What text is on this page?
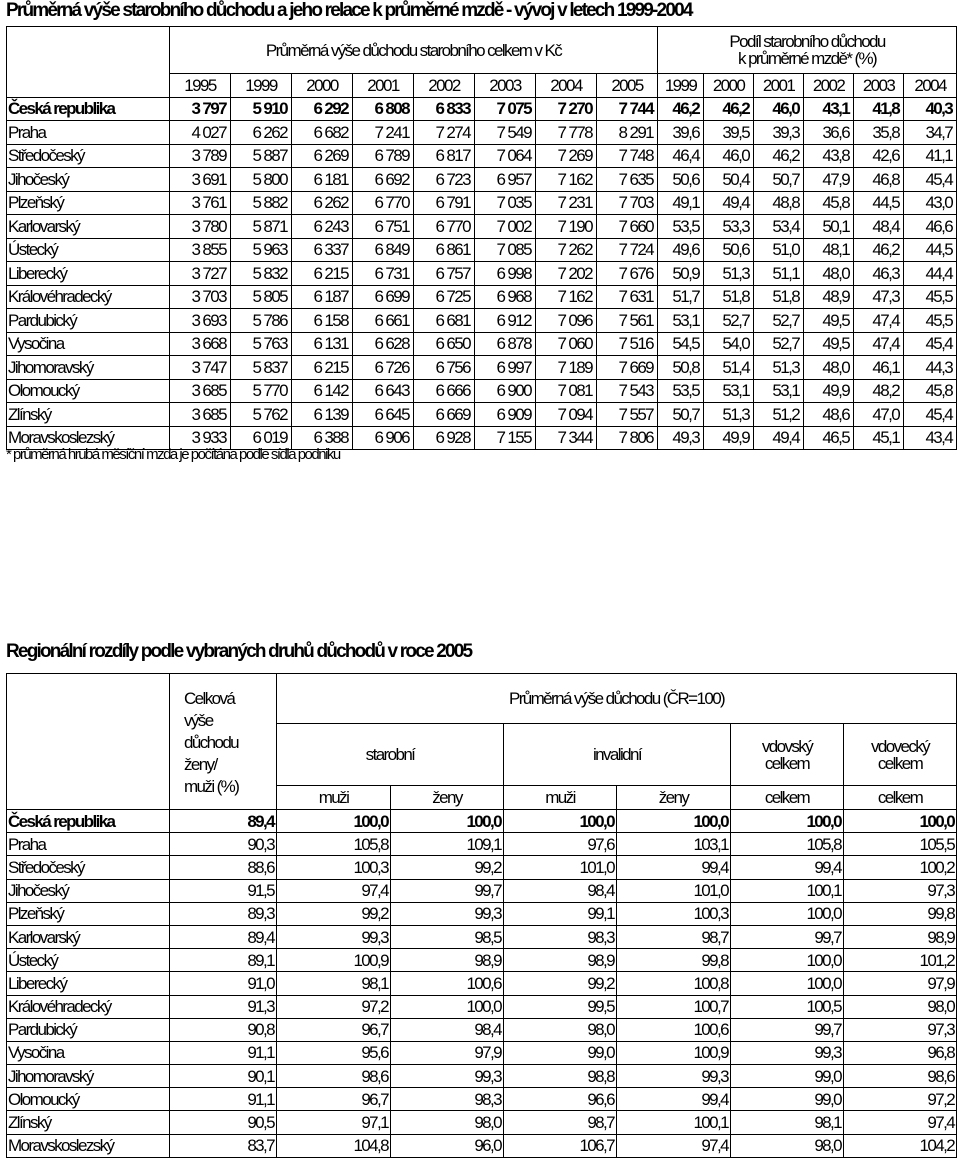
Průměrná výše starobního důchodu a jeho relace k průměrné mzdě - vývoj v letech 1999-2004
	Průměrná výše důchodu starobního celkem v Kč								Podíl starobního důchodu
k průměrné mzdě* (%)					

	1995	1999	2000	2001	2002	2003	2004	2005	1999	2000	2001	2002	2003	2004
Česká republika	3 797	5 910	6 292	6 808	6 833	7 075	7 270	7 744	46,2	46,2	46,0	43,1	41,8	40,3
Praha	4 027	6 262	6 682	7 241	7 274	7 549	7 778	8 291	39,6	39,5	39,3	36,6	35,8	34,7
Středočeský	3 789	5 887	6 269	6 789	6 817	7 064	7 269	7 748	46,4	46,0	46,2	43,8	42,6	41,1
Jihočeský	3 691	5 800	6 181	6 692	6 723	6 957	7 162	7 635	50,6	50,4	50,7	47,9	46,8	45,4
Plzeňský	3 761	5 882	6 262	6 770	6 791	7 035	7 231	7 703	49,1	49,4	48,8	45,8	44,5	43,0
Karlovarský	3 780	5 871	6 243	6 751	6 770	7 002	7 190	7 660	53,5	53,3	53,4	50,1	48,4	46,6
Ústecký	3 855	5 963	6 337	6 849	6 861	7 085	7 262	7 724	49,6	50,6	51,0	48,1	46,2	44,5
Liberecký	3 727	5 832	6 215	6 731	6 757	6 998	7 202	7 676	50,9	51,3	51,1	48,0	46,3	44,4
Královéhradecký	3 703	5 805	6 187	6 699	6 725	6 968	7 162	7 631	51,7	51,8	51,8	48,9	47,3	45,5
Pardubický	3 693	5 786	6 158	6 661	6 681	6 912	7 096	7 561	53,1	52,7	52,7	49,5	47,4	45,5
Vysočina	3 668	5 763	6 131	6 628	6 650	6 878	7 060	7 516	54,5	54,0	52,7	49,5	47,4	45,4
Jihomoravský	3 747	5 837	6 215	6 726	6 756	6 997	7 189	7 669	50,8	51,4	51,3	48,0	46,1	44,3
Olomoucký	3 685	5 770	6 142	6 643	6 666	6 900	7 081	7 543	53,5	53,1	53,1	49,9	48,2	45,8
Zlínský	3 685	5 762	6 139	6 645	6 669	6 909	7 094	7 557	50,7	51,3	51,2	48,6	47,0	45,4
Moravskoslezský	3 933	6 019	6 388	6 906	6 928	7 155	7 344	7 806	49,3	49,9	49,4	46,5	45,1	43,4
* průměrná hrubá měsíční mzda je počítána podle sídla podniku
Regionální rozdíly podle vybraných druhů důchodů v roce 2005
	Celková výše důchodu ženy/ muži (%)	Průměrná výše důchodu (ČR=100)					
		starobní		invalidní		vdovský celkem	vdovecký celkem
		muži	ženy	muži	ženy	celkem	celkem
Česká republika	89,4	100,0	100,0	100,0	100,0	100,0	100,0
Praha	90,3	105,8	109,1	97,6	103,1	105,8	105,5
Středočeský	88,6	100,3	99,2	101,0	99,4	99,4	100,2
Jihočeský	91,5	97,4	99,7	98,4	101,0	100,1	97,3
Plzeňský	89,3	99,2	99,3	99,1	100,3	100,0	99,8
Karlovarský	89,4	99,3	98,5	98,3	98,7	99,7	98,9
Ústecký	89,1	100,9	98,9	98,9	99,8	100,0	101,2
Liberecký	91,0	98,1	100,6	99,2	100,8	100,0	97,9
Královéhradecký	91,3	97,2	100,0	99,5	100,7	100,5	98,0
Pardubický	90,8	96,7	98,4	98,0	100,6	99,7	97,3
Vysočina	91,1	95,6	97,9	99,0	100,9	99,3	96,8
Jihomoravský	90,1	98,6	99,3	98,8	99,3	99,0	98,6
Olomoucký	91,1	96,7	98,3	96,6	99,4	99,0	97,2
Zlínský	90,5	97,1	98,0	98,7	100,1	98,1	97,4
Moravskoslezský	83,7	104,8	96,0	106,7	97,4	98,0	104,2
